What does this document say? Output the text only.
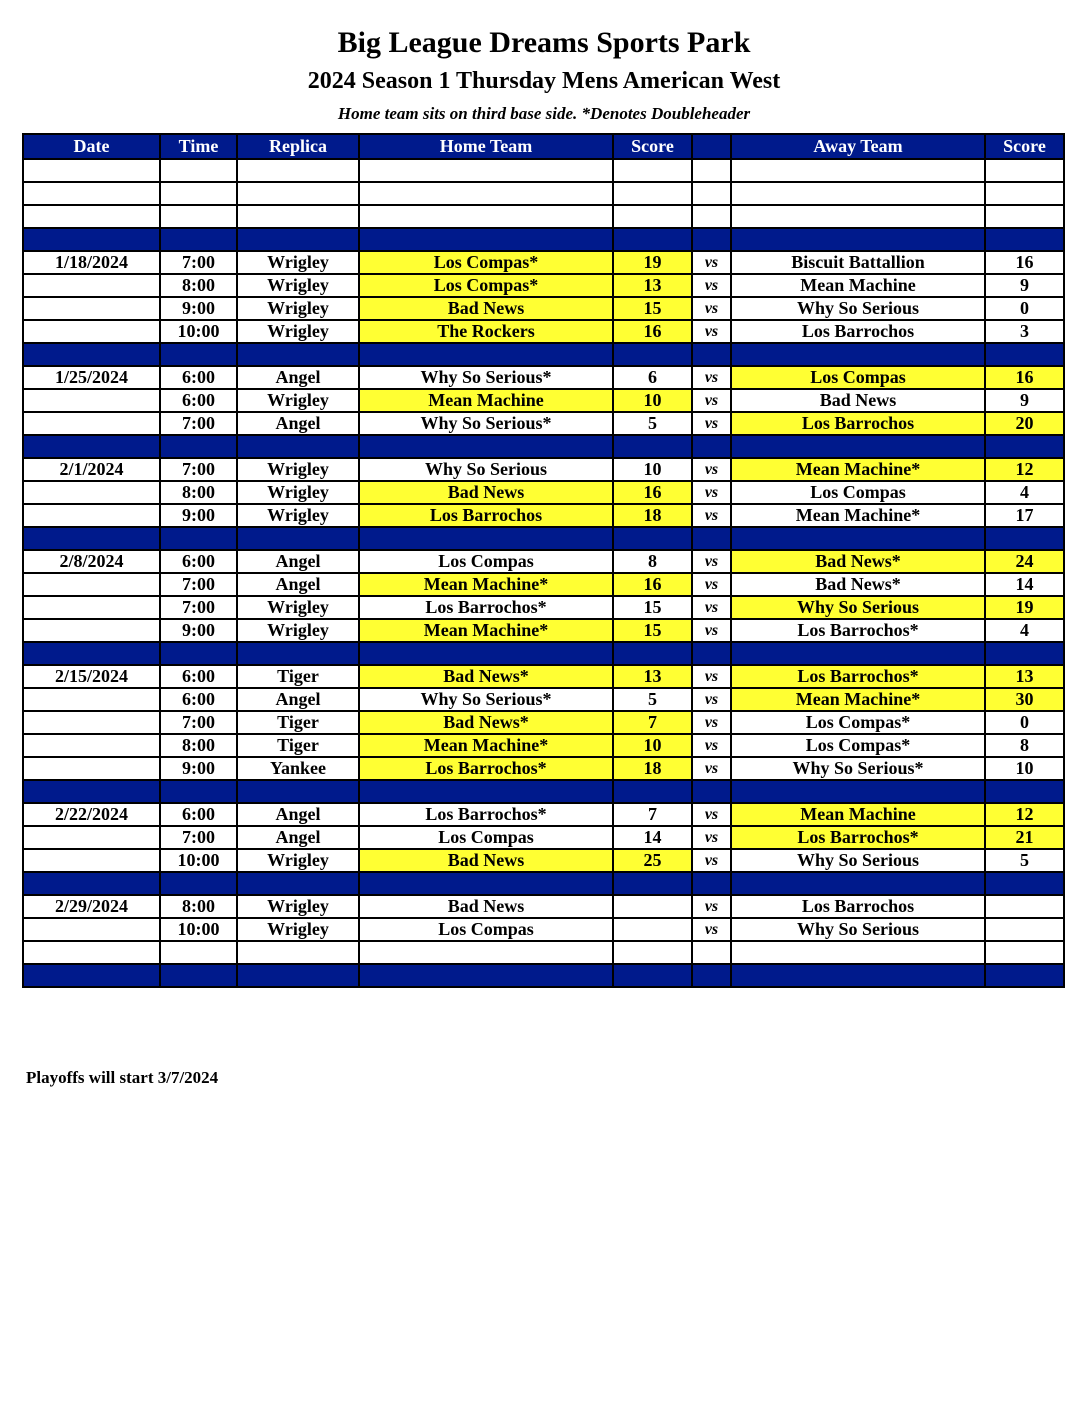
Big League Dreams Sports Park
2024 Season 1 Thursday Mens American West
Home team sits on third base side. *Denotes Doubleheader
Date	Time	Replica	Home Team	Score		Away Team	Score

1/18/2024	7:00	Wrigley	Los Compas*	19	vs	Biscuit Battallion	16
	8:00	Wrigley	Los Compas*	13	vs	Mean Machine	9
	9:00	Wrigley	Bad News	15	vs	Why So Serious	0
	10:00	Wrigley	The Rockers	16	vs	Los Barrochos	3

1/25/2024	6:00	Angel	Why So Serious*	6	vs	Los Compas	16
	6:00	Wrigley	Mean Machine	10	vs	Bad News	9
	7:00	Angel	Why So Serious*	5	vs	Los Barrochos	20

2/1/2024	7:00	Wrigley	Why So Serious	10	vs	Mean Machine*	12
	8:00	Wrigley	Bad News	16	vs	Los Compas	4
	9:00	Wrigley	Los Barrochos	18	vs	Mean Machine*	17

2/8/2024	6:00	Angel	Los Compas	8	vs	Bad News*	24
	7:00	Angel	Mean Machine*	16	vs	Bad News*	14
	7:00	Wrigley	Los Barrochos*	15	vs	Why So Serious	19
	9:00	Wrigley	Mean Machine*	15	vs	Los Barrochos*	4

2/15/2024	6:00	Tiger	Bad News*	13	vs	Los Barrochos*	13
	6:00	Angel	Why So Serious*	5	vs	Mean Machine*	30
	7:00	Tiger	Bad News*	7	vs	Los Compas*	0
	8:00	Tiger	Mean Machine*	10	vs	Los Compas*	8
	9:00	Yankee	Los Barrochos*	18	vs	Why So Serious*	10

2/22/2024	6:00	Angel	Los Barrochos*	7	vs	Mean Machine	12
	7:00	Angel	Los Compas	14	vs	Los Barrochos*	21
	10:00	Wrigley	Bad News	25	vs	Why So Serious	5

2/29/2024	8:00	Wrigley	Bad News		vs	Los Barrochos	
	10:00	Wrigley	Los Compas		vs	Why So Serious	

Playoffs will start 3/7/2024
